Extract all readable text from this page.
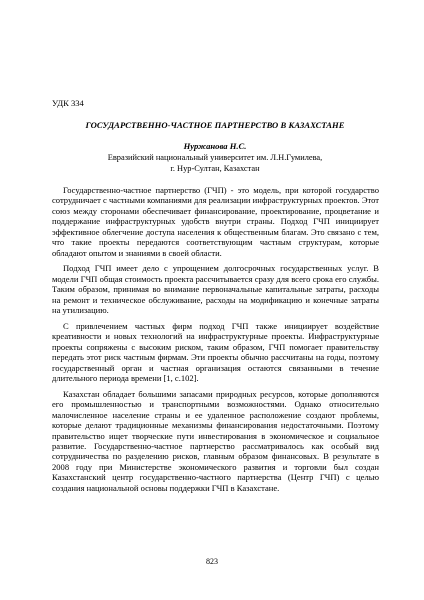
УДК 334
ГОСУДАРСТВЕННО-ЧАСТНОЕ ПАРТНЕРСТВО В КАЗАХСТАНЕ
Нуржанова Н.С.
Евразийский национальный университет им. Л.Н.Гумилева,
г. Нур-Султан, Казахстан

Государственно-частное партнерство (ГЧП) - это модель, при которой государство сотрудничает с частными компаниями для реализации инфраструктурных проектов. Этот союз между сторонами обеспечивает финансирование, проектирование, процветание и поддержание инфраструктурных удобств внутри страны. Подход ГЧП инициирует эффективное облегчение доступа населения к общественным благам. Это связано с тем, что такие проекты передаются соответствующим частным структурам, которые обладают опытом и знаниями в своей области.

Подход ГЧП имеет дело с упрощением долгосрочных государственных услуг. В модели ГЧП общая стоимость проекта рассчитывается сразу для всего срока его службы. Таким образом, принимая во внимание первоначальные капитальные затраты, расходы на ремонт и техническое обслуживание, расходы на модификацию и конечные затраты на утилизацию.

С привлечением частных фирм подход ГЧП также инициирует воздействие креативности и новых технологий на инфраструктурные проекты. Инфраструктурные проекты сопряжены с высоким риском, таким образом, ГЧП помогает правительству передать этот риск частным фирмам. Эти проекты обычно рассчитаны на годы, поэтому государственный орган и частная организация остаются связанными в течение длительного периода времени [1, с.102].

Казахстан обладает большими запасами природных ресурсов, которые дополняются его промышленностью и транспортными возможностями. Однако относительно малочисленное население страны и ее удаленное расположение создают проблемы, которые делают традиционные механизмы финансирования недостаточными. Поэтому правительство ищет творческие пути инвестирования в экономическое и социальное развитие. Государственно-частное партнерство рассматривалось как особый вид сотрудничества по разделению рисков, главным образом финансовых. В результате в 2008 году при Министерстве экономического развития и торговли был создан Казахстанский центр государственно-частного партнерства (Центр ГЧП) с целью создания национальной основы поддержки ГЧП в Казахстане.

823
